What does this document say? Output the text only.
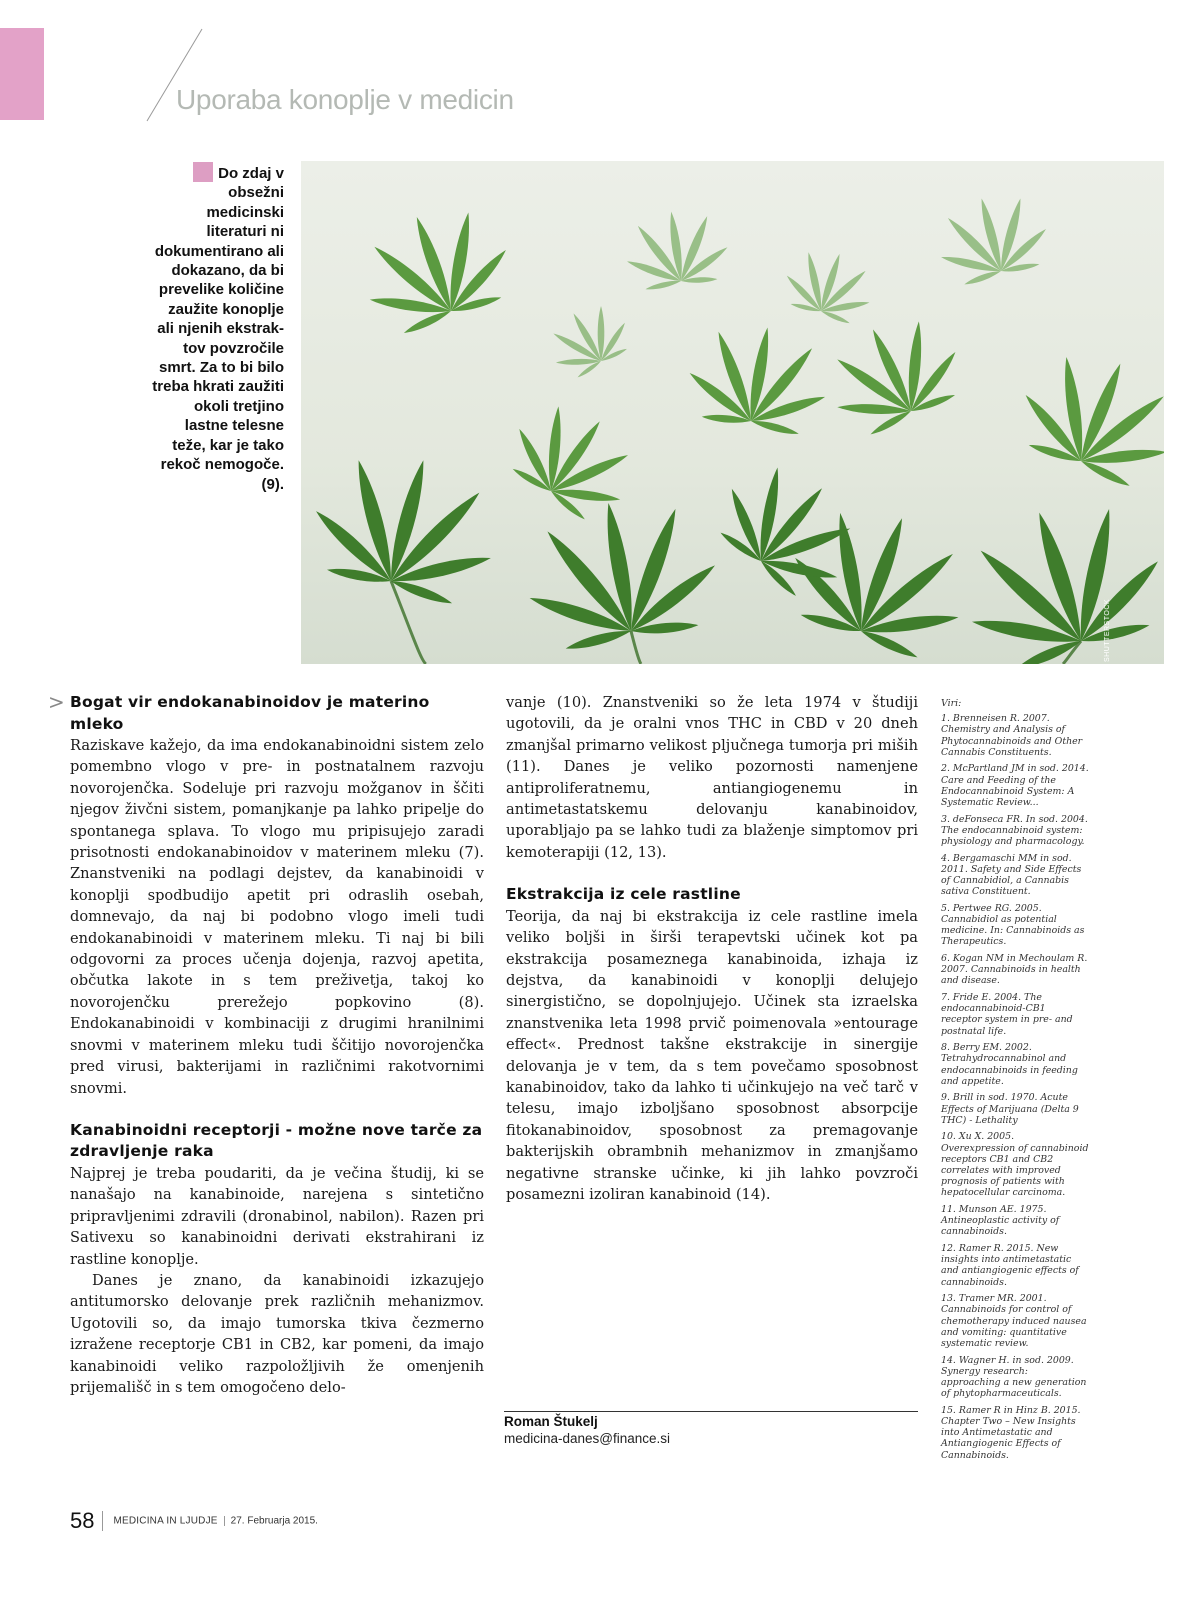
Uporaba konoplje v medicin

Do zdaj v obsežni medicinski literaturi ni dokumentirano ali dokazano, da bi prevelike količine zaužite konoplje ali njenih ekstraktov povzročile smrt. Za to bi bilo treba hkrati zaužiti okoli tretjino lastne telesne teže, kar je tako rekoč nemogoče. (9).

SHUTTERSTOCK
> Bogat vir endokanabinoidov je materino mleko

Raziskave kažejo, da ima endokanabinoidni sistem zelo pomembno vlogo v pre- in postnatalnem razvoju novorojenčka. Sodeluje pri razvoju možganov in ščiti njegov živčni sistem, pomanjkanje pa lahko pripelje do spontanega splava. To vlogo mu pripisujejo zaradi prisotnosti endokanabinoidov v materinem mleku (7). Znanstveniki na podlagi dejstev, da kanabinoidi v konoplji spodbudijo apetit pri odraslih osebah, domnevajo, da naj bi podobno vlogo imeli tudi endokanabinoidi v materinem mleku. Ti naj bi bili odgovorni za proces učenja dojenja, razvoj apetita, občutka lakote in s tem preživetja, takoj ko novorojenčku prerežejo popkovino (8). Endokanabinoidi v kombinaciji z drugimi hranilnimi snovmi v materinem mleku tudi ščitijo novorojenčka pred virusi, bakterijami in različnimi rakotvornimi snovmi.

Kanabinoidni receptorji - možne nove tarče za zdravljenje raka

Najprej je treba poudariti, da je večina študij, ki se nanašajo na kanabinoide, narejena s sintetično pripravljenimi zdravili (dronabinol, nabilon). Razen pri Sativexu so kanabinoidni derivati ekstrahirani iz rastline konoplje.

Danes je znano, da kanabinoidi izkazujejo antitumorsko delovanje prek različnih mehanizmov. Ugotovili so, da imajo tumorska tkiva čezmerno izražene receptorje CB1 in CB2, kar pomeni, da imajo kanabinoidi veliko razpoložljivih že omenjenih prijemališč in s tem omogočeno delo-

vanje (10). Znanstveniki so že leta 1974 v študiji ugotovili, da je oralni vnos THC in CBD v 20 dneh zmanjšal primarno velikost pljučnega tumorja pri miših (11). Danes je veliko pozornosti namenjene antiproliferatnemu, antiangiogenemu in antimetastatskemu delovanju kanabinoidov, uporabljajo pa se lahko tudi za blaženje simptomov pri kemoterapiji (12, 13).

Ekstrakcija iz cele rastline

Teorija, da naj bi ekstrakcija iz cele rastline imela veliko boljši in širši terapevtski učinek kot pa ekstrakcija posameznega kanabinoida, izhaja iz dejstva, da kanabinoidi v konoplji delujejo sinergistično, se dopolnjujejo. Učinek sta izraelska znanstvenika leta 1998 prvič poimenovala »entourage effect«. Prednost takšne ekstrakcije in sinergije delovanja je v tem, da s tem povečamo sposobnost kanabinoidov, tako da lahko ti učinkujejo na več tarč v telesu, imajo izboljšano sposobnost absorpcije fitokanabinoidov, sposobnost za premagovanje bakterijskih obrambnih mehanizmov in zmanjšamo negativne stranske učinke, ki jih lahko povzroči posamezni izoliran kanabinoid (14).

Roman Štukelj
medicina-danes@finance.si

Viri:

1. Brenneisen R. 2007. Chemistry and Analysis of Phytocannabinoids and Other Cannabis Constituents.
2. McPartland JM in sod. 2014. Care and Feeding of the Endocannabinoid System: A Systematic Review...
3. deFonseca FR. In sod. 2004. The endocannabinoid system: physiology and pharmacology.
4. Bergamaschi MM in sod. 2011. Safety and Side Effects of Cannabidiol, a Cannabis sativa Constituent.
5. Pertwee RG. 2005. Cannabidiol as potential medicine. In: Cannabinoids as Therapeutics.
6. Kogan NM in Mechoulam R. 2007. Cannabinoids in health and disease.
7. Fride E. 2004. The endocannabinoid-CB1 receptor system in pre- and postnatal life.
8. Berry EM. 2002. Tetrahydrocannabinol and endocannabinoids in feeding and appetite.
9. Brill in sod. 1970. Acute Effects of Marijuana (Delta 9 THC) - Lethality
10. Xu X. 2005. Overexpression of cannabinoid receptors CB1 and CB2 correlates with improved prognosis of patients with hepatocellular carcinoma.
11. Munson AE. 1975. Antineoplastic activity of cannabinoids.
12. Ramer R. 2015. New insights into antimetastatic and antiangiogenic effects of cannabinoids.
13. Tramer MR. 2001. Cannabinoids for control of chemotherapy induced nausea and vomiting: quantitative systematic review.
14. Wagner H. in sod. 2009. Synergy research: approaching a new generation of phytopharmaceuticals.
15. Ramer R in Hinz B. 2015. Chapter Two – New Insights into Antimetastatic and Antiangiogenic Effects of Cannabinoids.
58 MEDICINA IN LJUDJE 27. Februarja 2015.
